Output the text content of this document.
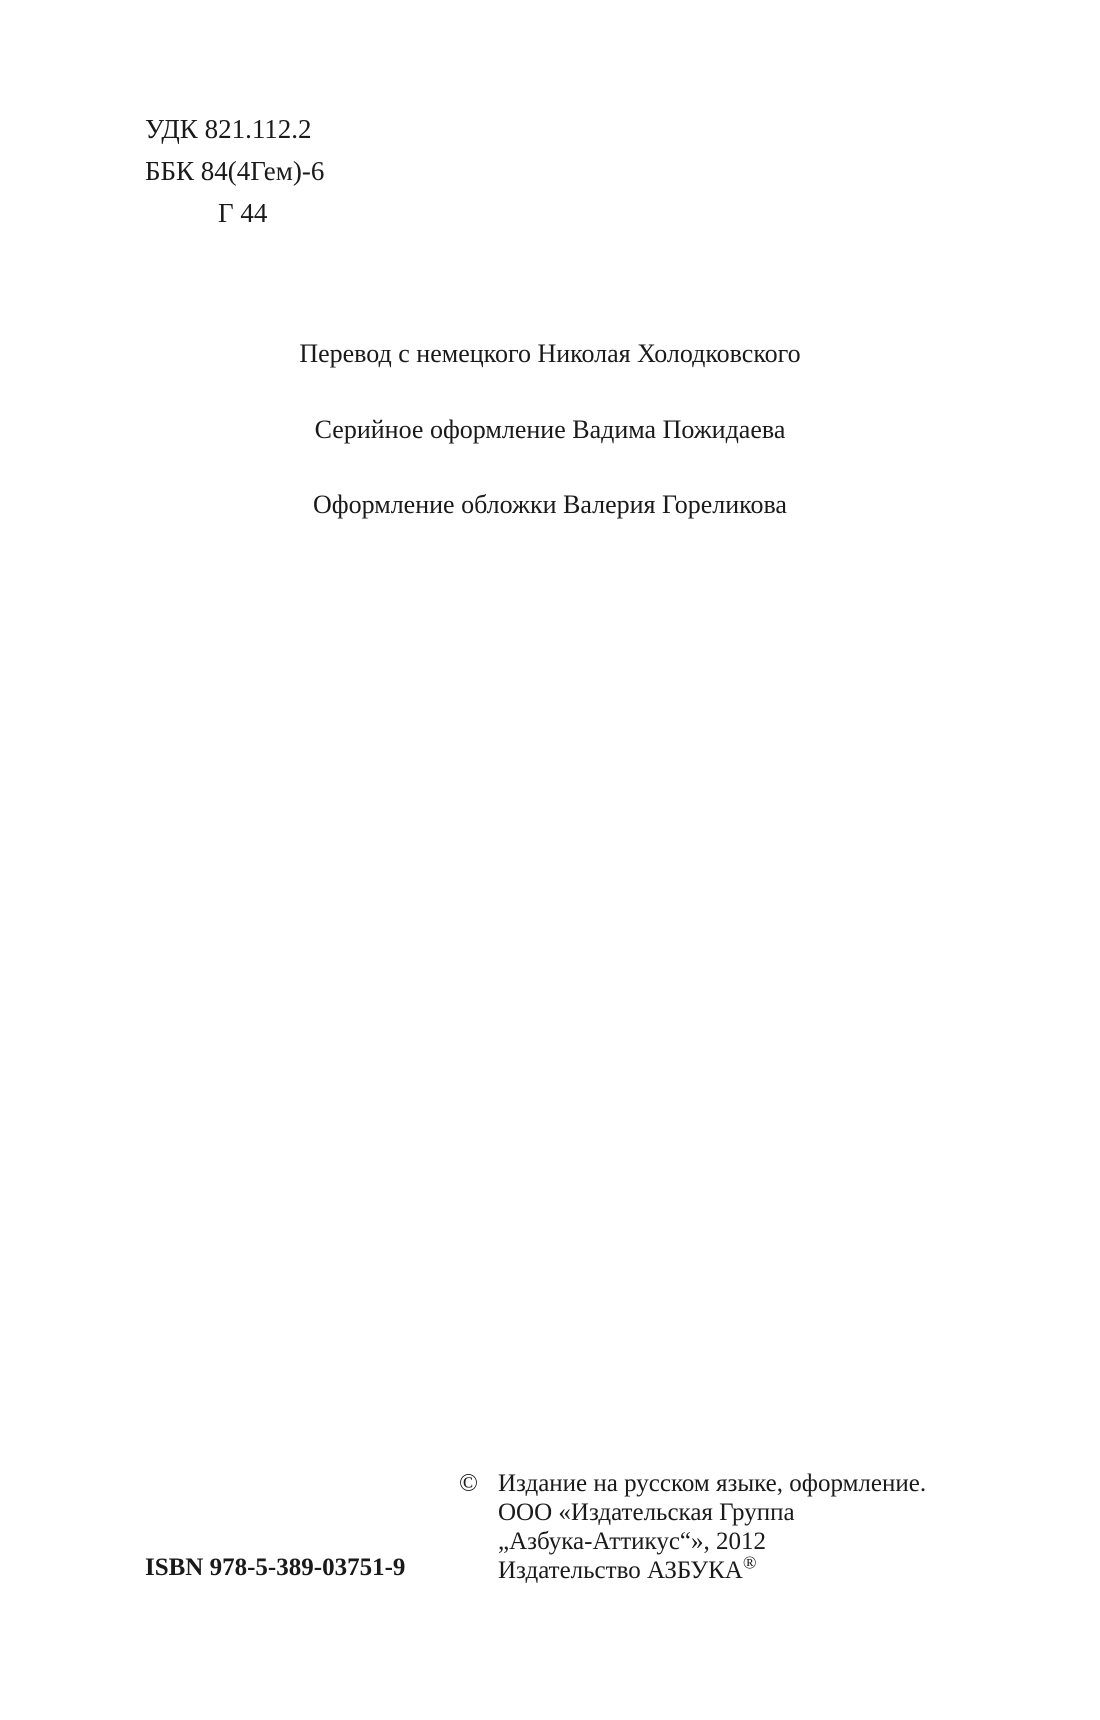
УДК 821.112.2
ББК 84(4Гем)-6
Г 44
Перевод с немецкого Николая Холодковского
Серийное оформление Вадима Пожидаева
Оформление обложки Валерия Гореликова
ISBN 978-5-389-03751-9
© Издание на русском языке, оформление.
ООО «Издательская Группа
„Азбука-Аттикус“», 2012
Издательство АЗБУКА®
